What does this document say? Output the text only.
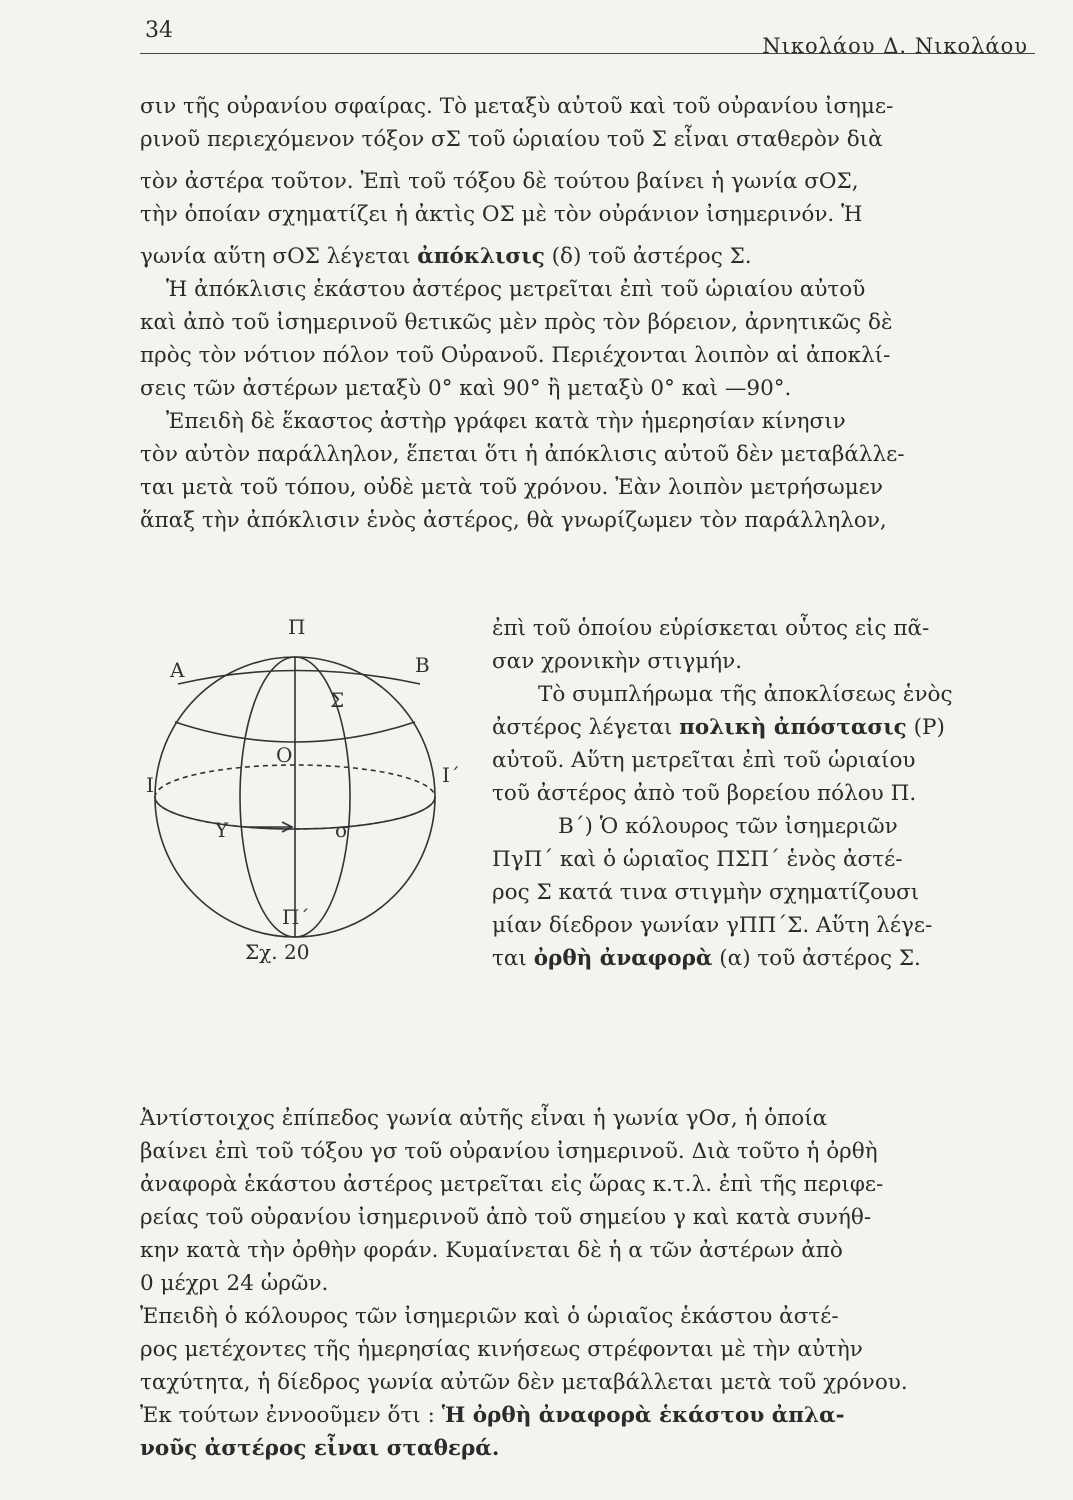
34
Νικολάου Δ. Νικολάου
σιν τῆς οὐρανίου σφαίρας. Τὸ μεταξὺ αὐτοῦ καὶ τοῦ οὐρανίου ἰσημε-
ρινοῦ περιεχόμενον τόξον σΣ τοῦ ὡριαίου τοῦ Σ εἶναι σταθερὸν διὰ
τὸν ἀστέρα τοῦτον. Ἐπὶ τοῦ τόξου δὲ τούτου βαίνει ἡ γωνία σΟΣ,
τὴν ὁποίαν σχηματίζει ἡ ἀκτὶς ΟΣ μὲ τὸν οὐράνιον ἰσημερινόν. Ἡ
γωνία αὕτη σΟΣ λέγεται ἀπόκλισις (δ) τοῦ ἀστέρος Σ.
Ἡ ἀπόκλισις ἑκάστου ἀστέρος μετρεῖται ἐπὶ τοῦ ὡριαίου αὐτοῦ
καὶ ἀπὸ τοῦ ἰσημερινοῦ θετικῶς μὲν πρὸς τὸν βόρειον, ἀρνητικῶς δὲ
πρὸς τὸν νότιον πόλον τοῦ Οὐρανοῦ. Περιέχονται λοιπὸν αἱ ἀποκλί-
σεις τῶν ἀστέρων μεταξὺ 0° καὶ 90° ἢ μεταξὺ 0° καὶ —90°.
Ἐπειδὴ δὲ ἕκαστος ἀστὴρ γράφει κατὰ τὴν ἡμερησίαν κίνησιν
τὸν αὐτὸν παράλληλον, ἕπεται ὅτι ἡ ἀπόκλισις αὐτοῦ δὲν μεταβάλλε-
ται μετὰ τοῦ τόπου, οὐδὲ μετὰ τοῦ χρόνου. Ἐὰν λοιπὸν μετρήσωμεν
ἅπαξ τὴν ἀπόκλισιν ἑνὸς ἀστέρος, θὰ γνωρίζωμεν τὸν παράλληλον,
Π
Α	Β
Σ
Ο
Ι	Ι΄
Υ	σ
Π΄
Σχ. 20
ἐπὶ τοῦ ὁποίου εὑρίσκεται οὗτος εἰς πᾶ-
σαν χρονικὴν στιγμήν.
Τὸ συμπλήρωμα τῆς ἀποκλίσεως ἑνὸς
ἀστέρος λέγεται πολικὴ ἀπόστασις (Ρ)
αὐτοῦ. Αὕτη μετρεῖται ἐπὶ τοῦ ὡριαίου
τοῦ ἀστέρος ἀπὸ τοῦ βορείου πόλου Π.
Β΄) Ὁ κόλουρος τῶν ἰσημεριῶν
ΠγΠ΄ καὶ ὁ ὡριαῖος ΠΣΠ΄ ἑνὸς ἀστέ-
ρος Σ κατά τινα στιγμὴν σχηματίζουσι
μίαν δίεδρον γωνίαν γΠΠ΄Σ. Αὕτη λέγε-
ται ὀρθὴ ἀναφορὰ (α) τοῦ ἀστέρος Σ.
Ἀντίστοιχος ἐπίπεδος γωνία αὐτῆς εἶναι ἡ γωνία γΟσ, ἡ ὁποία
βαίνει ἐπὶ τοῦ τόξου γσ τοῦ οὐρανίου ἰσημερινοῦ. Διὰ τοῦτο ἡ ὀρθὴ
ἀναφορὰ ἑκάστου ἀστέρος μετρεῖται εἰς ὥρας κ.τ.λ. ἐπὶ τῆς περιφε-
ρείας τοῦ οὐρανίου ἰσημερινοῦ ἀπὸ τοῦ σημείου γ καὶ κατὰ συνήθ-
κην κατὰ τὴν ὀρθὴν φοράν. Κυμαίνεται δὲ ἡ α τῶν ἀστέρων ἀπὸ
0 μέχρι 24 ὡρῶν.
Ἐπειδὴ ὁ κόλουρος τῶν ἰσημεριῶν καὶ ὁ ὡριαῖος ἑκάστου ἀστέ-
ρος μετέχοντες τῆς ἡμερησίας κινήσεως στρέφονται μὲ τὴν αὐτὴν
ταχύτητα, ἡ δίεδρος γωνία αὐτῶν δὲν μεταβάλλεται μετὰ τοῦ χρόνου.
Ἐκ τούτων ἐννοοῦμεν ὅτι : Ἡ ὀρθὴ ἀναφορὰ ἑκάστου ἀπλα-
νοῦς ἀστέρος εἶναι σταθερά.
